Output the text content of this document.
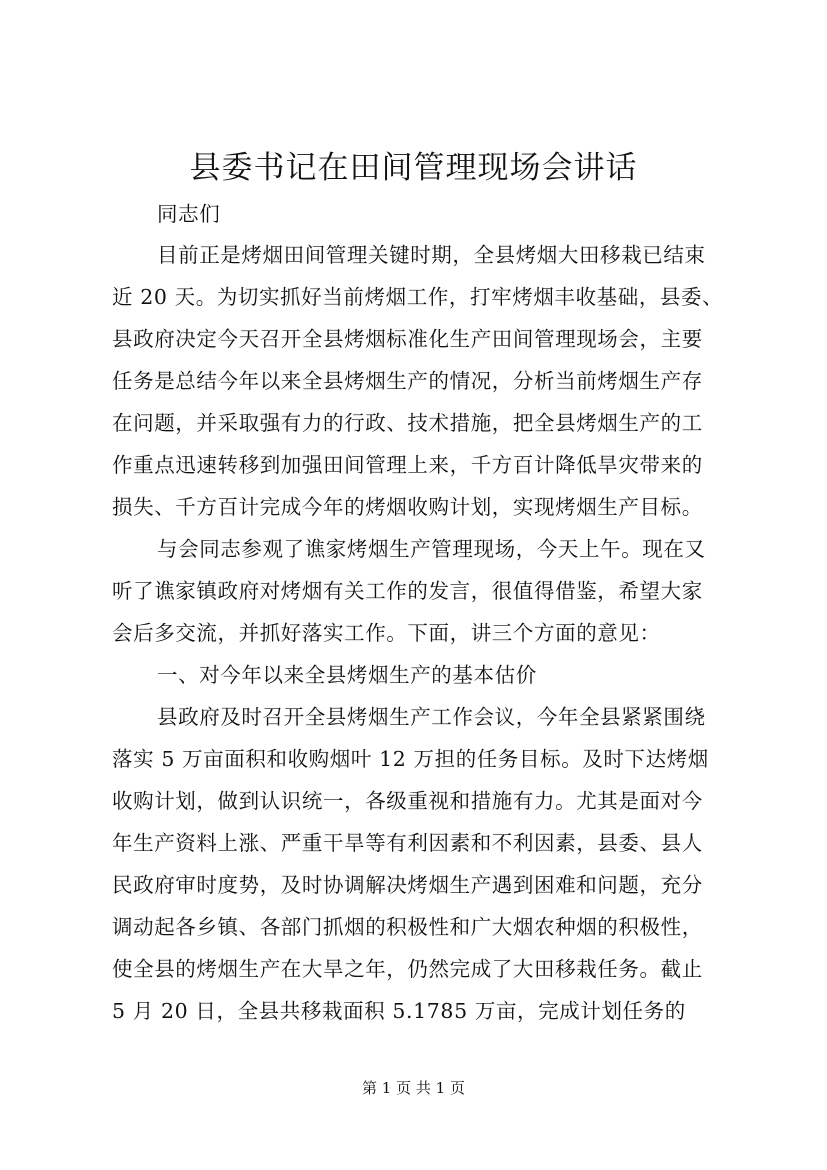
县委书记在田间管理现场会讲话
同志们
目前正是烤烟田间管理关键时期，全县烤烟大田移栽已结束
近 20 天。为切实抓好当前烤烟工作，打牢烤烟丰收基础，县委、
县政府决定今天召开全县烤烟标准化生产田间管理现场会，主要
任务是总结今年以来全县烤烟生产的情况，分析当前烤烟生产存
在问题，并采取强有力的行政、技术措施，把全县烤烟生产的工
作重点迅速转移到加强田间管理上来，千方百计降低旱灾带来的
损失、千方百计完成今年的烤烟收购计划，实现烤烟生产目标。
与会同志参观了谯家烤烟生产管理现场，今天上午。现在又
听了谯家镇政府对烤烟有关工作的发言，很值得借鉴，希望大家
会后多交流，并抓好落实工作。下面，讲三个方面的意见：
一、对今年以来全县烤烟生产的基本估价
县政府及时召开全县烤烟生产工作会议，今年全县紧紧围绕
落实 5 万亩面积和收购烟叶 12 万担的任务目标。及时下达烤烟
收购计划，做到认识统一，各级重视和措施有力。尤其是面对今
年生产资料上涨、严重干旱等有利因素和不利因素，县委、县人
民政府审时度势，及时协调解决烤烟生产遇到困难和问题，充分
调动起各乡镇、各部门抓烟的积极性和广大烟农种烟的积极性，
使全县的烤烟生产在大旱之年，仍然完成了大田移栽任务。截止
5 月 20 日，全县共移栽面积 5.1785 万亩，完成计划任务的
第 1 页 共 1 页
